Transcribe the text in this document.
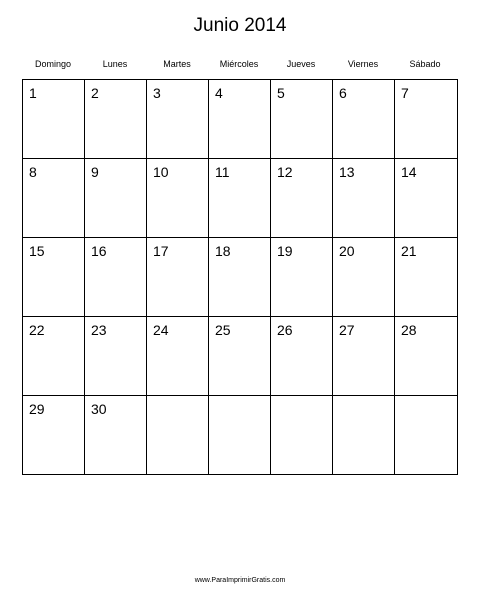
Junio 2014
Domingo	Lunes	Martes	Miércoles	Jueves	Viernes	Sábado
1	2	3	4	5	6	7
8	9	10	11	12	13	14
15	16	17	18	19	20	21
22	23	24	25	26	27	28
29	30
www.ParaImprimirGratis.com
